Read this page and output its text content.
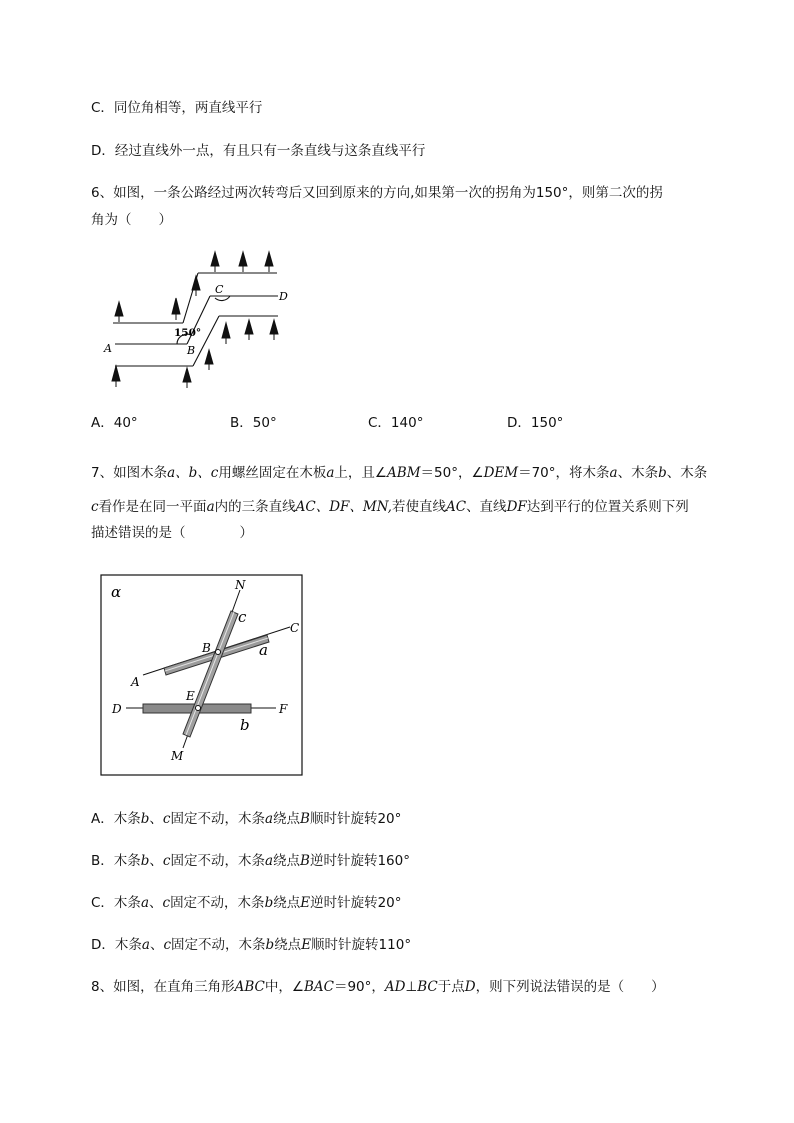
C．同位角相等，两直线平行
D．经过直线外一点，有且只有一条直线与这条直线平行
6、如图，一条公路经过两次转弯后又回到原来的方向,如果第一次的拐角为150°，则第二次的拐
角为（　　）
150°
A	B
C
D
A．40°	B．50°	C．140°	D．150°
7、如图木条a、b、c用螺丝固定在木板a上，且∠ABM＝50°，∠DEM＝70°，将木条a、木条b、木条
c看作是在同一平面a内的三条直线AC、DF、MN,若使直线AC、直线DF达到平行的位置关系则下列
描述错误的是（　　　　）
α	N
c
C
B	a
A
E
D	F
b
M
A．木条b、c固定不动，木条a绕点B顺时针旋转20°
B．木条b、c固定不动，木条a绕点B逆时针旋转160°
C．木条a、c固定不动，木条b绕点E逆时针旋转20°
D．木条a、c固定不动，木条b绕点E顺时针旋转110°
8、如图，在直角三角形ABC中，∠BAC＝90°，AD⊥BC于点D，则下列说法错误的是（　　）
